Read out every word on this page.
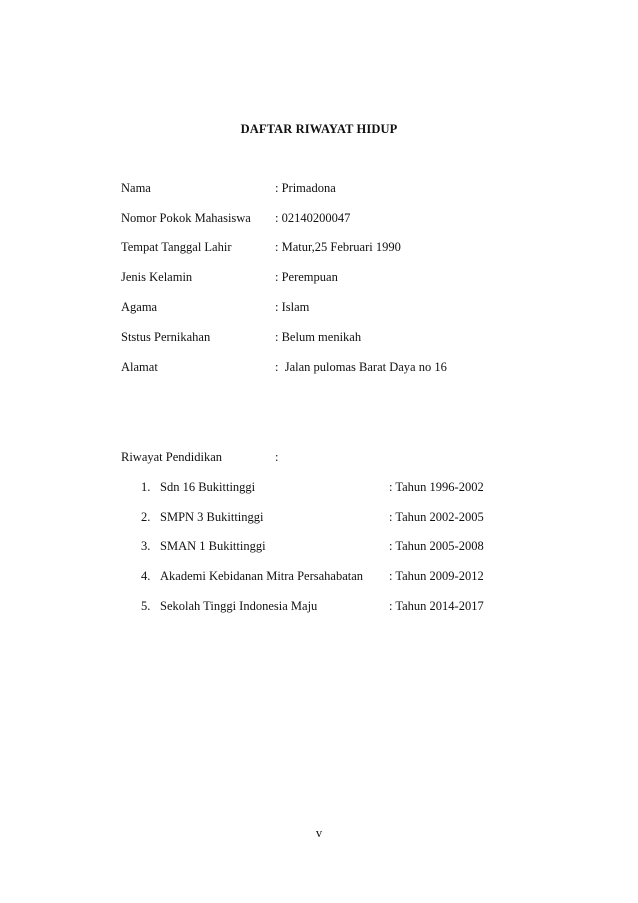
DAFTAR RIWAYAT HIDUP
Nama	: Primadona
Nomor Pokok Mahasiswa : 02140200047
Tempat Tanggal Lahir	: Matur,25 Februari 1990
Jenis Kelamin	: Perempuan
Agama	: Islam
Ststus Pernikahan	: Belum menikah
Alamat	:  Jalan pulomas Barat Daya no 16
Riwayat Pendidikan	:
1. Sdn 16 Bukittinggi	: Tahun 1996-2002
2. SMPN 3 Bukittinggi	: Tahun 2002-2005
3. SMAN 1 Bukittinggi	: Tahun 2005-2008
4. Akademi Kebidanan Mitra Persahabatan : Tahun 2009-2012
5. Sekolah Tinggi Indonesia Maju	: Tahun 2014-2017
v
